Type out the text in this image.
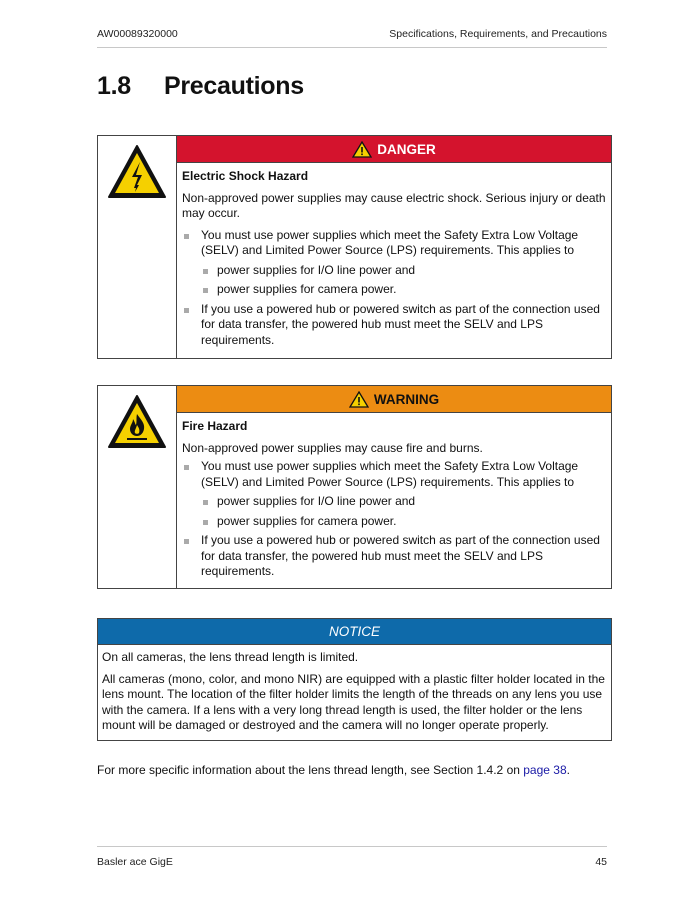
AW00089320000	Specifications, Requirements, and Precautions
1.8 Precautions
DANGER
Electric Shock Hazard

Non-approved power supplies may cause electric shock. Serious injury or death may occur.

You must use power supplies which meet the Safety Extra Low Voltage (SELV) and Limited Power Source (LPS) requirements. This applies to
power supplies for I/O line power and
power supplies for camera power.
If you use a powered hub or powered switch as part of the connection used for data transfer, the powered hub must meet the SELV and LPS requirements.
WARNING
Fire Hazard

Non-approved power supplies may cause fire and burns.

You must use power supplies which meet the Safety Extra Low Voltage (SELV) and Limited Power Source (LPS) requirements. This applies to
power supplies for I/O line power and
power supplies for camera power.
If you use a powered hub or powered switch as part of the connection used for data transfer, the powered hub must meet the SELV and LPS requirements.
NOTICE

On all cameras, the lens thread length is limited.

All cameras (mono, color, and mono NIR) are equipped with a plastic filter holder located in the lens mount. The location of the filter holder limits the length of the threads on any lens you use with the camera. If a lens with a very long thread length is used, the filter holder or the lens mount will be damaged or destroyed and the camera will no longer operate properly.

For more specific information about the lens thread length, see Section 1.4.2 on page 38.
Basler ace GigE	45
